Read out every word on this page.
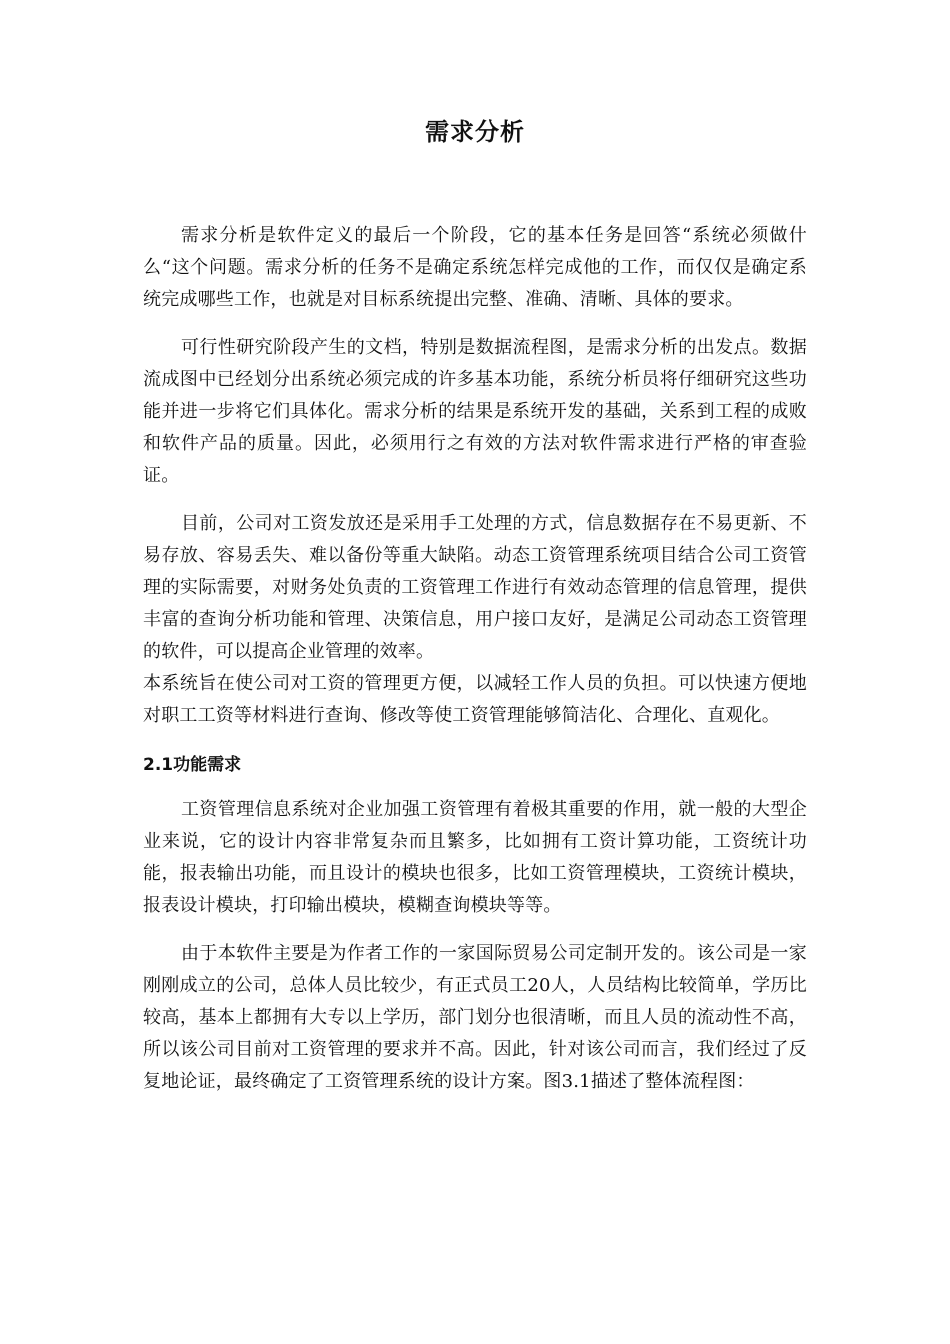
需求分析

需求分析是软件定义的最后一个阶段，它的基本任务是回答“系统必须做什么“这个问题。需求分析的任务不是确定系统怎样完成他的工作，而仅仅是确定系统完成哪些工作，也就是对目标系统提出完整、准确、清晰、具体的要求。

可行性研究阶段产生的文档，特别是数据流程图，是需求分析的出发点。数据流成图中已经划分出系统必须完成的许多基本功能，系统分析员将仔细研究这些功能并进一步将它们具体化。需求分析的结果是系统开发的基础，关系到工程的成败和软件产品的质量。因此，必须用行之有效的方法对软件需求进行严格的审查验证。

目前，公司对工资发放还是采用手工处理的方式，信息数据存在不易更新、不易存放、容易丢失、难以备份等重大缺陷。动态工资管理系统项目结合公司工资管理的实际需要，对财务处负责的工资管理工作进行有效动态管理的信息管理，提供丰富的查询分析功能和管理、决策信息，用户接口友好，是满足公司动态工资管理的软件，可以提高企业管理的效率。

本系统旨在使公司对工资的管理更方便，以减轻工作人员的负担。可以快速方便地对职工工资等材料进行查询、修改等使工资管理能够简洁化、合理化、直观化。

2.1功能需求

工资管理信息系统对企业加强工资管理有着极其重要的作用，就一般的大型企业来说，它的设计内容非常复杂而且繁多，比如拥有工资计算功能，工资统计功能，报表输出功能，而且设计的模块也很多，比如工资管理模块，工资统计模块，报表设计模块，打印输出模块，模糊查询模块等等。

由于本软件主要是为作者工作的一家国际贸易公司定制开发的。该公司是一家刚刚成立的公司，总体人员比较少，有正式员工20人，人员结构比较简单，学历比较高，基本上都拥有大专以上学历，部门划分也很清晰，而且人员的流动性不高，所以该公司目前对工资管理的要求并不高。因此，针对该公司而言，我们经过了反复地论证，最终确定了工资管理系统的设计方案。图3.1描述了整体流程图：
